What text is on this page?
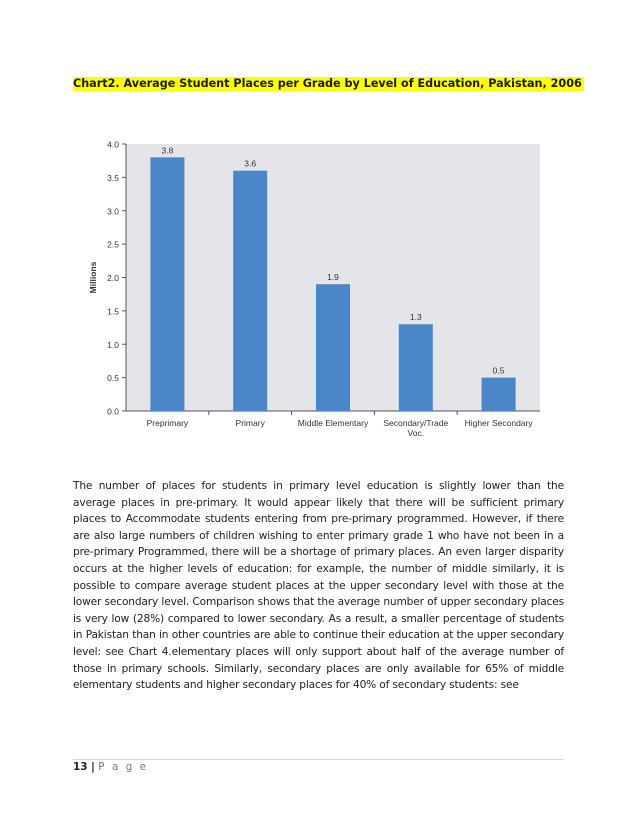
Chart2. Average Student Places per Grade by Level of Education, Pakistan, 2006
0.0
0.5
1.0
1.5
2.0
2.5
3.0
3.5
4.0
Millions
3.8
Preprimary
3.6
Primary
1.9
Middle Elementary
1.3
Secondary/Trade
Voc.
0.5
Higher Secondary

The number of places for students in primary level education is slightly lower than the average places in pre-primary. It would appear likely that there will be sufficient primary places to Accommodate students entering from pre-primary programmed. However, if there are also large numbers of children wishing to enter primary grade 1 who have not been in a pre-primary Programmed, there will be a shortage of primary places. An even larger disparity occurs at the higher levels of education: for example, the number of middle similarly, it is possible to compare average student places at the upper secondary level with those at the lower secondary level. Comparison shows that the average number of upper secondary places is very low (28%) compared to lower secondary. As a result, a smaller percentage of students in Pakistan than in other countries are able to continue their education at the upper secondary level: see Chart 4.elementary places will only support about half of the average number of those in primary schools. Similarly, secondary places are only available for 65% of middle elementary students and higher secondary places for 40% of secondary students: see

13 | P a g e
